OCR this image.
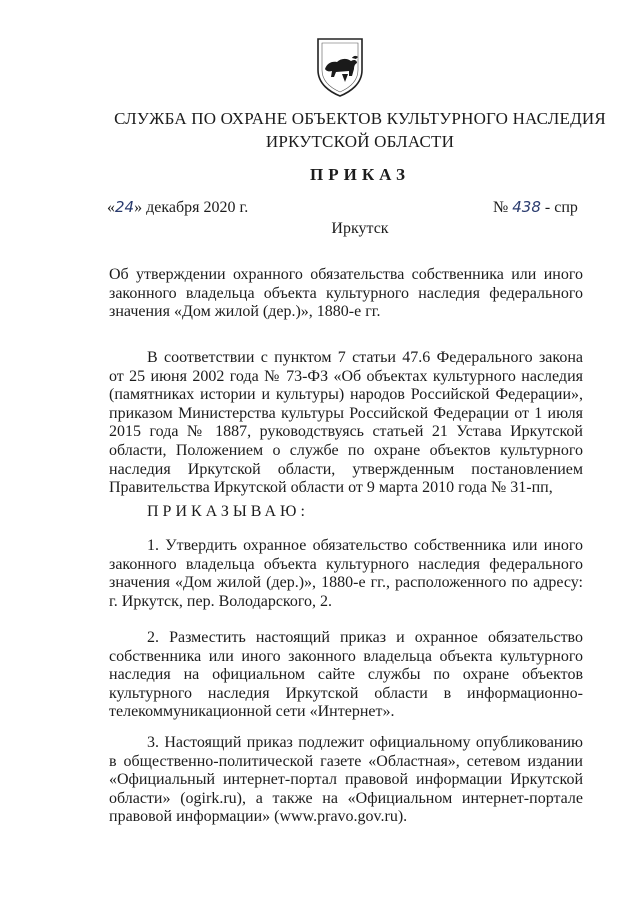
СЛУЖБА ПО ОХРАНЕ ОБЪЕКТОВ КУЛЬТУРНОГО НАСЛЕДИЯ
ИРКУТСКОЙ ОБЛАСТИ
ПРИКАЗ
«24» декабря 2020 г.	№ 438 - спр
Иркутск
Об утверждении охранного обязательства собственника или иного законного владельца объекта культурного наследия федерального значения «Дом жилой (дер.)», 1880-е гг.
В соответствии с пунктом 7 статьи 47.6 Федерального закона от 25 июня 2002 года № 73-ФЗ «Об объектах культурного наследия (памятниках истории и культуры) народов Российской Федерации», приказом Министерства культуры Российской Федерации от 1 июля 2015 года № 1887, руководствуясь статьей 21 Устава Иркутской области, Положением о службе по охране объектов культурного наследия Иркутской области, утвержденным постановлением Правительства Иркутской области от 9 марта 2010 года № 31-пп,
ПРИКАЗЫВАЮ:
1. Утвердить охранное обязательство собственника или иного законного владельца объекта культурного наследия федерального значения «Дом жилой (дер.)», 1880-е гг., расположенного по адресу: г. Иркутск, пер. Володарского, 2.
2. Разместить настоящий приказ и охранное обязательство собственника или иного законного владельца объекта культурного наследия на официальном сайте службы по охране объектов культурного наследия Иркутской области в информационно-телекоммуникационной сети «Интернет».
3. Настоящий приказ подлежит официальному опубликованию в общественно-политической газете «Областная», сетевом издании «Официальный интернет-портал правовой информации Иркутской области» (ogirk.ru), а также на «Официальном интернет-портале правовой информации» (www.pravo.gov.ru).
